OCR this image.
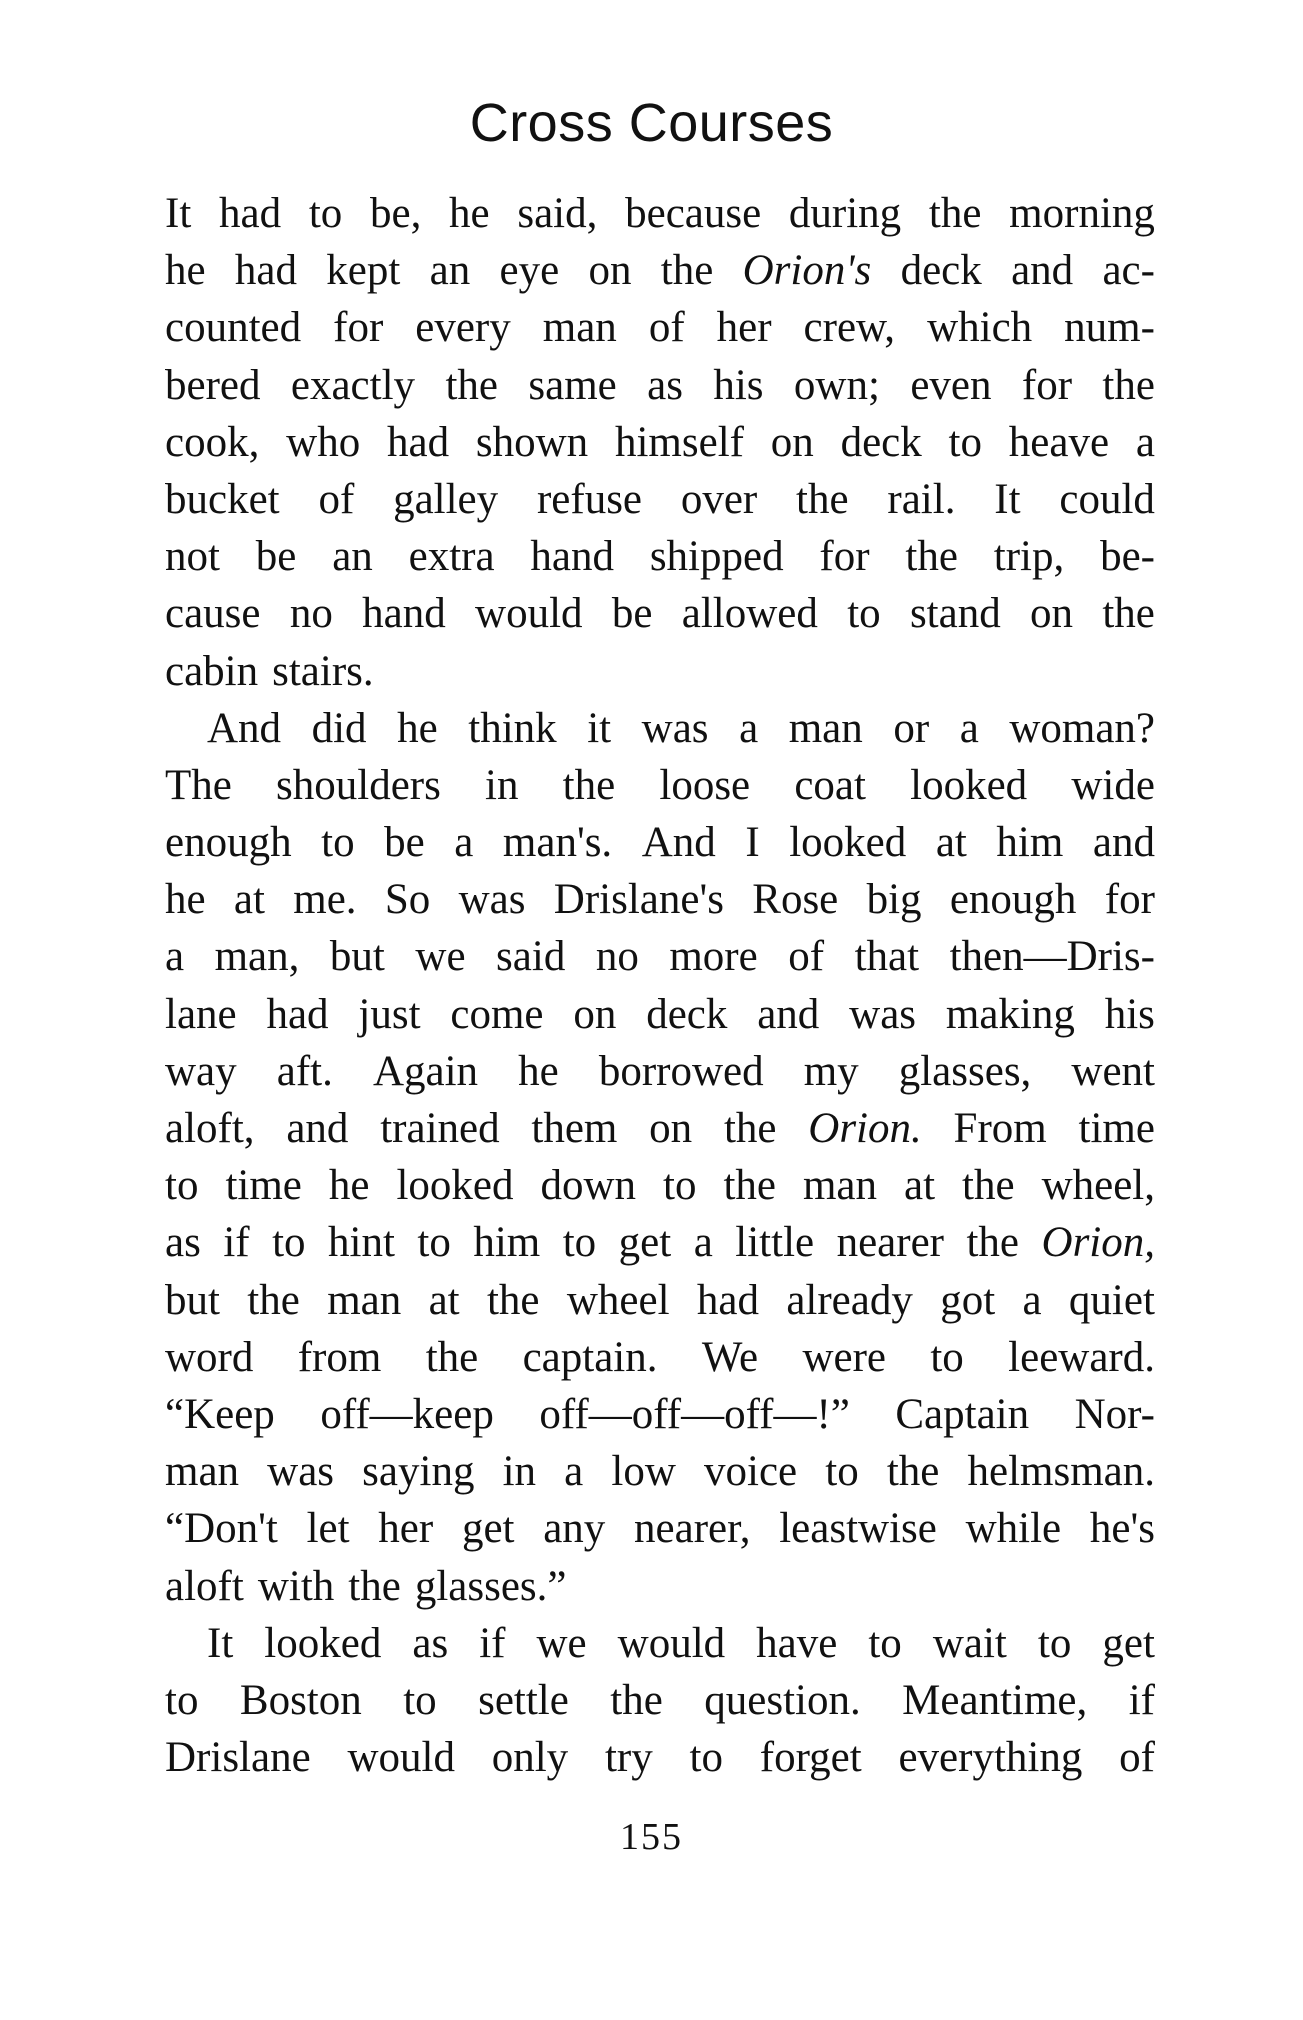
Cross Courses
It had to be, he said, because during the morning
he had kept an eye on the Orion's deck and ac-
counted for every man of her crew, which num-
bered exactly the same as his own; even for the
cook, who had shown himself on deck to heave a
bucket of galley refuse over the rail. It could
not be an extra hand shipped for the trip, be-
cause no hand would be allowed to stand on the
cabin stairs.
And did he think it was a man or a woman?
The shoulders in the loose coat looked wide
enough to be a man's. And I looked at him and
he at me. So was Drislane's Rose big enough for
a man, but we said no more of that then—Dris-
lane had just come on deck and was making his
way aft. Again he borrowed my glasses, went
aloft, and trained them on the Orion. From time
to time he looked down to the man at the wheel,
as if to hint to him to get a little nearer the Orion,
but the man at the wheel had already got a quiet
word from the captain. We were to leeward.
“Keep off—keep off—off—off—!” Captain Nor-
man was saying in a low voice to the helmsman.
“Don't let her get any nearer, leastwise while he's
aloft with the glasses.”
It looked as if we would have to wait to get
to Boston to settle the question. Meantime, if
Drislane would only try to forget everything of
155
